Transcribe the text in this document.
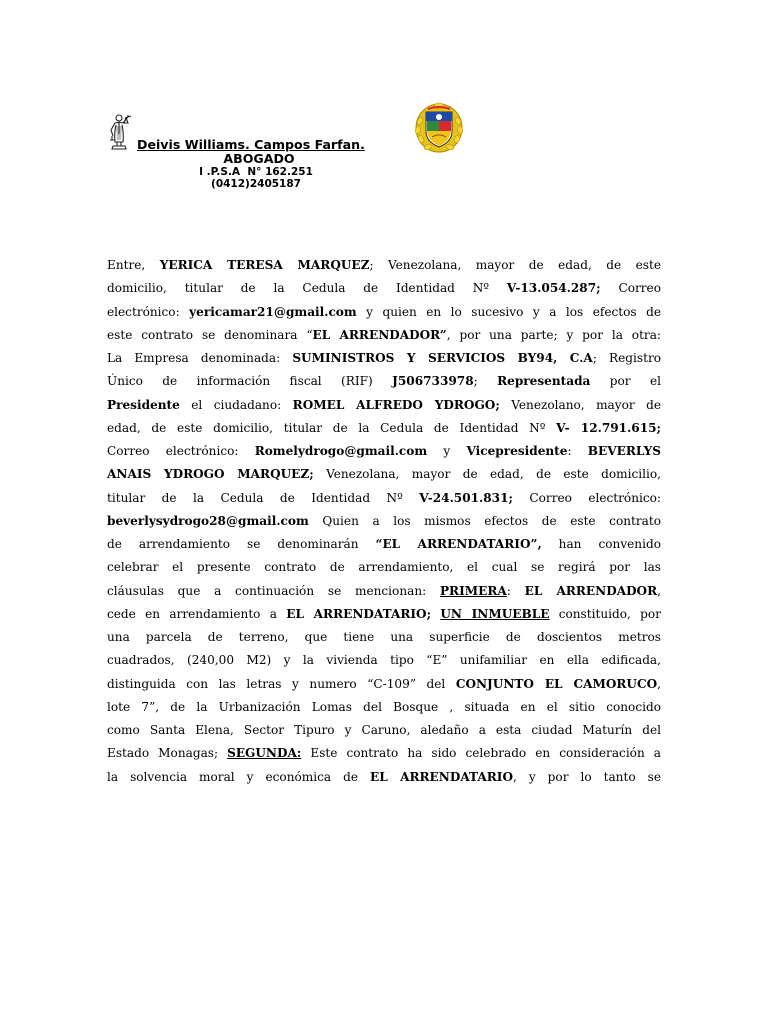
Deivis Williams. Campos Farfan.
ABOGADO
I .P.S.A  N° 162.251
(0412)2405187
Entre, YERICA TERESA MARQUEZ; Venezolana, mayor de edad, de este
domicilio, titular de la Cedula de Identidad Nº V-13.054.287; Correo
electrónico: yericamar21@gmail.com y quien en lo sucesivo y a los efectos de
este contrato se denominara “EL ARRENDADOR”, por una parte; y por la otra:
La Empresa denominada: SUMINISTROS Y SERVICIOS BY94, C.A; Registro
Único de información fiscal (RIF) J506733978; Representada por el
Presidente el ciudadano: ROMEL ALFREDO YDROGO; Venezolano, mayor de
edad, de este domicilio, titular de la Cedula de Identidad Nº V- 12.791.615;
Correo electrónico: Romelydrogo@gmail.com y Vicepresidente: BEVERLYS
ANAIS YDROGO MARQUEZ; Venezolana, mayor de edad, de este domicilio,
titular de la Cedula de Identidad Nº V-24.501.831; Correo electrónico:
beverlysydrogo28@gmail.com Quien a los mismos efectos de este contrato
de arrendamiento se denominarán “EL ARRENDATARIO”, han convenido
celebrar el presente contrato de arrendamiento, el cual se regirá por las
cláusulas que a continuación se mencionan: PRIMERA: EL ARRENDADOR,
cede en arrendamiento a EL ARRENDATARIO; UN INMUEBLE constituido, por
una parcela de terreno, que tiene una superficie de doscientos metros
cuadrados, (240,00 M2) y la vivienda tipo “E” unifamiliar en ella edificada,
distinguida con las letras y numero “C-109” del CONJUNTO EL CAMORUCO,
lote 7”, de la Urbanización Lomas del Bosque , situada en el sitio conocido
como Santa Elena, Sector Tipuro y Caruno, aledaño a esta ciudad Maturín del
Estado Monagas; SEGUNDA: Este contrato ha sido celebrado en consideración a
la solvencia moral y económica de EL ARRENDATARIO, y por lo tanto se
